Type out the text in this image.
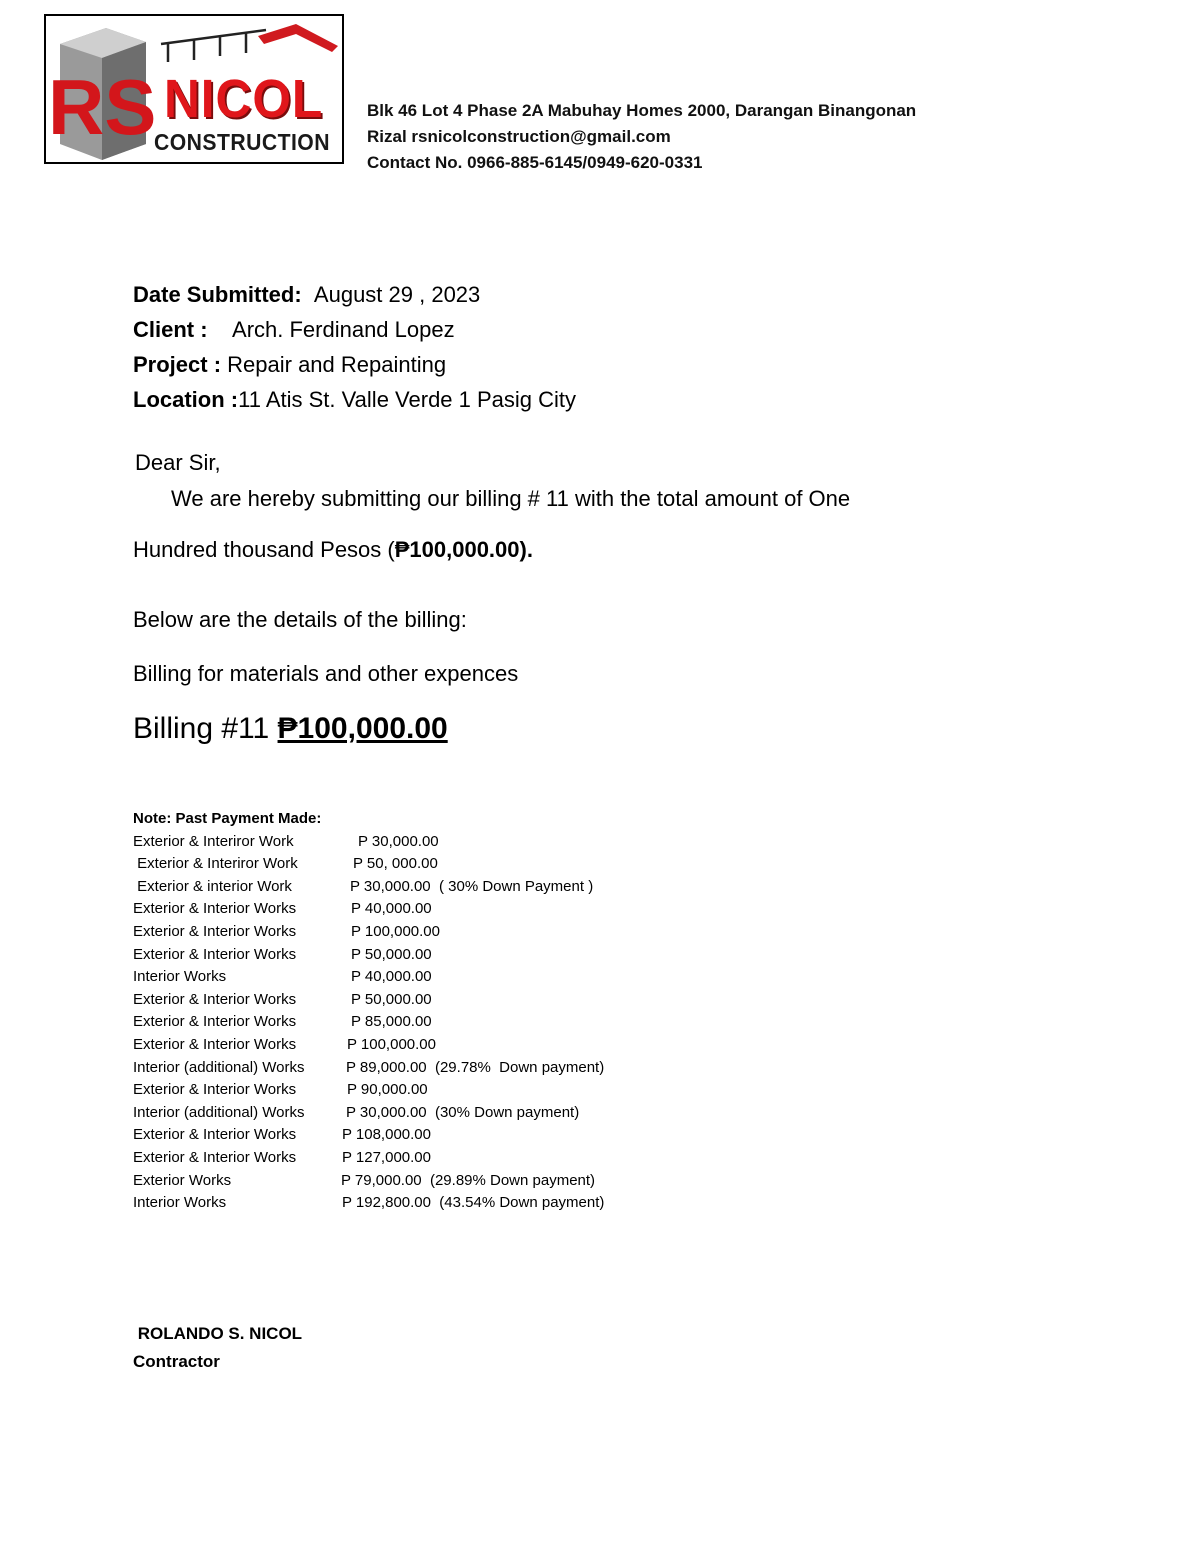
RS NICOL
CONSTRUCTION
Blk 46 Lot 4 Phase 2A Mabuhay Homes 2000, Darangan Binangonan
Rizal rsnicolconstruction@gmail.com
Contact No. 0966-885-6145/0949-620-0331
Date Submitted: August 29 , 2023
Client : Arch. Ferdinand Lopez
Project : Repair and Repainting
Location :11 Atis St. Valle Verde 1 Pasig City
Dear Sir,
We are hereby submitting our billing # 11 with the total amount of One
Hundred thousand Pesos (₱100,000.00).
Below are the details of the billing:
Billing for materials and other expences
Billing #11 ₱100,000.00
Note: Past Payment Made:
Exterior & Interiror Work	P 30,000.00
Exterior & Interiror Work	P 50, 000.00
Exterior & interior Work	P 30,000.00  ( 30% Down Payment )
Exterior & Interior Works	P 40,000.00
Exterior & Interior Works	P 100,000.00
Exterior & Interior Works	P 50,000.00
Interior Works	P 40,000.00
Exterior & Interior Works	P 50,000.00
Exterior & Interior Works	P 85,000.00
Exterior & Interior Works	P 100,000.00
Interior (additional) Works	P 89,000.00  (29.78%  Down payment)
Exterior & Interior Works	P 90,000.00
Interior (additional) Works	P 30,000.00  (30% Down payment)
Exterior & Interior Works	P 108,000.00
Exterior & Interior Works	P 127,000.00
Exterior Works	P 79,000.00  (29.89% Down payment)
Interior Works	P 192,800.00  (43.54% Down payment)
ROLANDO S. NICOL
Contractor
